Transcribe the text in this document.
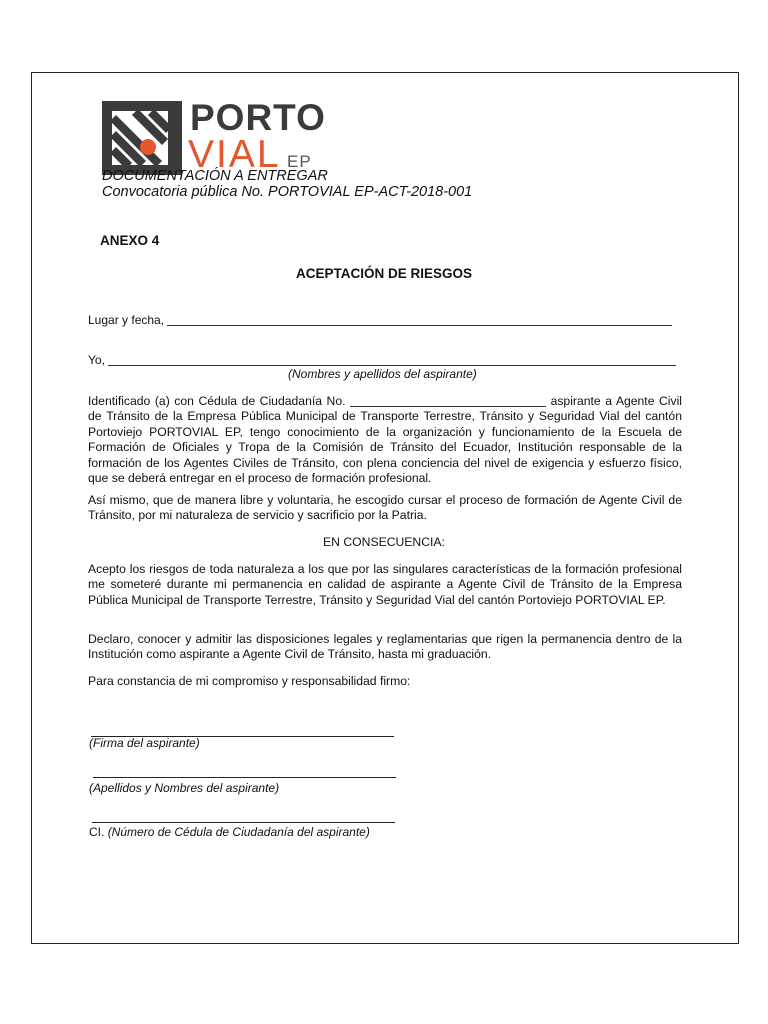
PORTO
VIAL EP
DOCUMENTACIÓN A ENTREGAR
Convocatoria pública No. PORTOVIAL EP-ACT-2018-001
ANEXO 4
ACEPTACIÓN DE RIESGOS
Lugar y fecha,
Yo,
(Nombres y apellidos del aspirante)
Identificado (a) con Cédula de Ciudadanía No.	aspirante a Agente Civil de Tránsito de la Empresa Pública Municipal de Transporte Terrestre, Tránsito y Seguridad Vial del cantón Portoviejo PORTOVIAL EP, tengo conocimiento de la organización y funcionamiento de la Escuela de Formación de Oficiales y Tropa de la Comisión de Tránsito del Ecuador, Institución responsable de la formación de los Agentes Civiles de Tránsito, con plena conciencia del nivel de exigencia y esfuerzo físico, que se deberá entregar en el proceso de formación profesional.
Así mismo, que de manera libre y voluntaria, he escogido cursar el proceso de formación de Agente Civil de Tránsito, por mi naturaleza de servicio y sacrificio por la Patria.
EN CONSECUENCIA:
Acepto los riesgos de toda naturaleza a los que por las singulares características de la formación profesional me someteré durante mi permanencia en calidad de aspirante a Agente Civil de Tránsito de la Empresa Pública Municipal de Transporte Terrestre, Tránsito y Seguridad Vial del cantón Portoviejo PORTOVIAL EP.
Declaro, conocer y admitir las disposiciones legales y reglamentarias que rigen la permanencia dentro de la Institución como aspirante a Agente Civil de Tránsito, hasta mi graduación.
Para constancia de mi compromiso y responsabilidad firmo:
(Firma del aspirante)
(Apellidos y Nombres del aspirante)
CI. (Número de Cédula de Ciudadanía del aspirante)
